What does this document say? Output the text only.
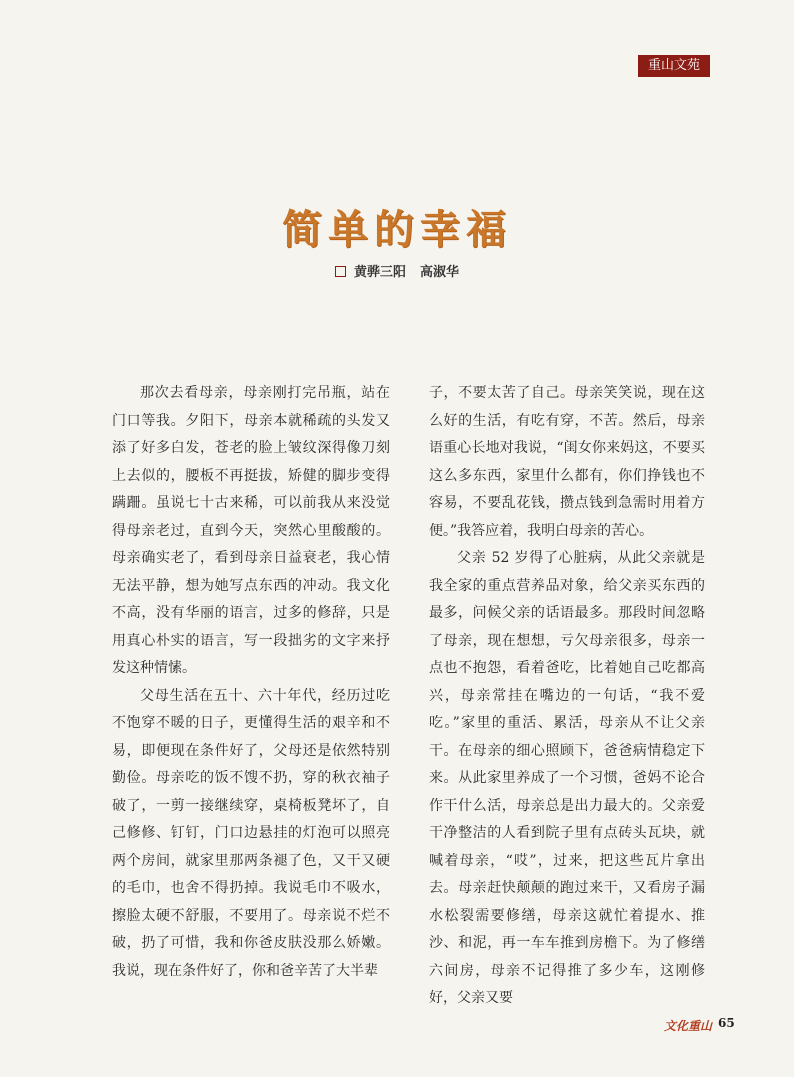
重山文苑
简单的幸福
黄骅三阳 高淑华

那次去看母亲，母亲刚打完吊瓶，站在门口等我。夕阳下，母亲本就稀疏的头发又添了好多白发，苍老的脸上皱纹深得像刀刻上去似的，腰板不再挺拔，矫健的脚步变得蹒跚。虽说七十古来稀，可以前我从来没觉得母亲老过，直到今天，突然心里酸酸的。母亲确实老了，看到母亲日益衰老，我心情无法平静，想为她写点东西的冲动。我文化不高，没有华丽的语言，过多的修辞，只是用真心朴实的语言，写一段拙劣的文字来抒发这种情愫。

父母生活在五十、六十年代，经历过吃不饱穿不暖的日子，更懂得生活的艰辛和不易，即便现在条件好了，父母还是依然特别勤俭。母亲吃的饭不馊不扔，穿的秋衣袖子破了，一剪一接继续穿，桌椅板凳坏了，自己修修、钉钉，门口边悬挂的灯泡可以照亮两个房间，就家里那两条褪了色，又干又硬的毛巾，也舍不得扔掉。我说毛巾不吸水，擦脸太硬不舒服，不要用了。母亲说不烂不破，扔了可惜，我和你爸皮肤没那么娇嫩。我说，现在条件好了，你和爸辛苦了大半辈

子，不要太苦了自己。母亲笑笑说，现在这么好的生活，有吃有穿，不苦。然后，母亲语重心长地对我说，“闺女你来妈这，不要买这么多东西，家里什么都有，你们挣钱也不容易，不要乱花钱，攒点钱到急需时用着方便。”我答应着，我明白母亲的苦心。

父亲 52 岁得了心脏病，从此父亲就是我全家的重点营养品对象，给父亲买东西的最多，问候父亲的话语最多。那段时间忽略了母亲，现在想想，亏欠母亲很多，母亲一点也不抱怨，看着爸吃，比着她自己吃都高兴，母亲常挂在嘴边的一句话，“我不爱吃。”家里的重活、累活，母亲从不让父亲干。在母亲的细心照顾下，爸爸病情稳定下来。从此家里养成了一个习惯，爸妈不论合作干什么活，母亲总是出力最大的。父亲爱干净整洁的人看到院子里有点砖头瓦块，就喊着母亲，“哎”，过来，把这些瓦片拿出去。母亲赶快颠颠的跑过来干，又看房子漏水松裂需要修缮，母亲这就忙着提水、推沙、和泥，再一车车推到房檐下。为了修缮六间房，母亲不记得推了多少车，这刚修好，父亲又要

文化重山 65
